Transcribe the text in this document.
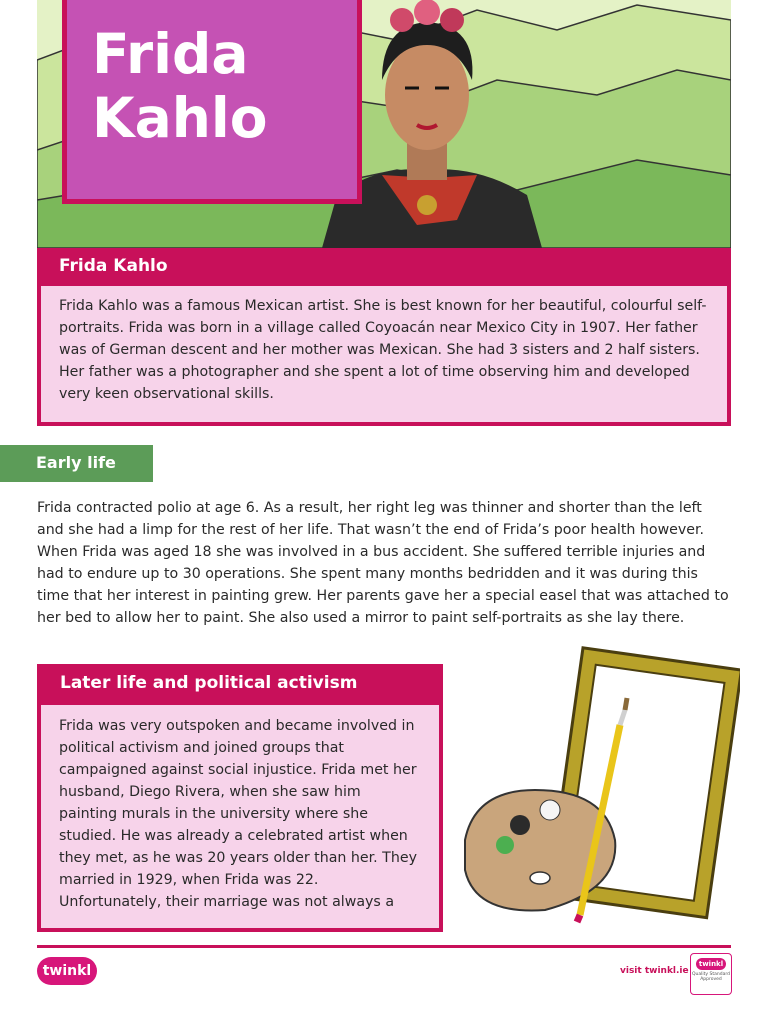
Frida
Kahlo
Frida Kahlo
Frida Kahlo was a famous Mexican artist. She is best known for her beautiful, colourful self-portraits. Frida was born in a village called Coyoacán near Mexico City in 1907. Her father was of German descent and her mother was Mexican. She had 3 sisters and 2 half sisters. Her father was a photographer and she spent a lot of time observing him and developed very keen observational skills.
Early life

Frida contracted polio at age 6. As a result, her right leg was thinner and shorter than the left and she had a limp for the rest of her life. That wasn’t the end of Frida’s poor health however. When Frida was aged 18 she was involved in a bus accident. She suffered terrible injuries and had to endure up to 30 operations. She spent many months bedridden and it was during this time that her interest in painting grew. Her parents gave her a special easel that was attached to her bed to allow her to paint. She also used a mirror to paint self-portraits as she lay there.

Later life and political activism
Frida was very outspoken and became involved in political activism and joined groups that campaigned against social injustice. Frida met her husband, Diego Rivera, when she saw him painting murals in the university where she studied. He was already a celebrated artist when they met, as he was 20 years older than her. They married in 1929, when Frida was 22. Unfortunately, their marriage was not always a
twinkl	visit twinkl.ie
twinkl
Quality Standard Approved
